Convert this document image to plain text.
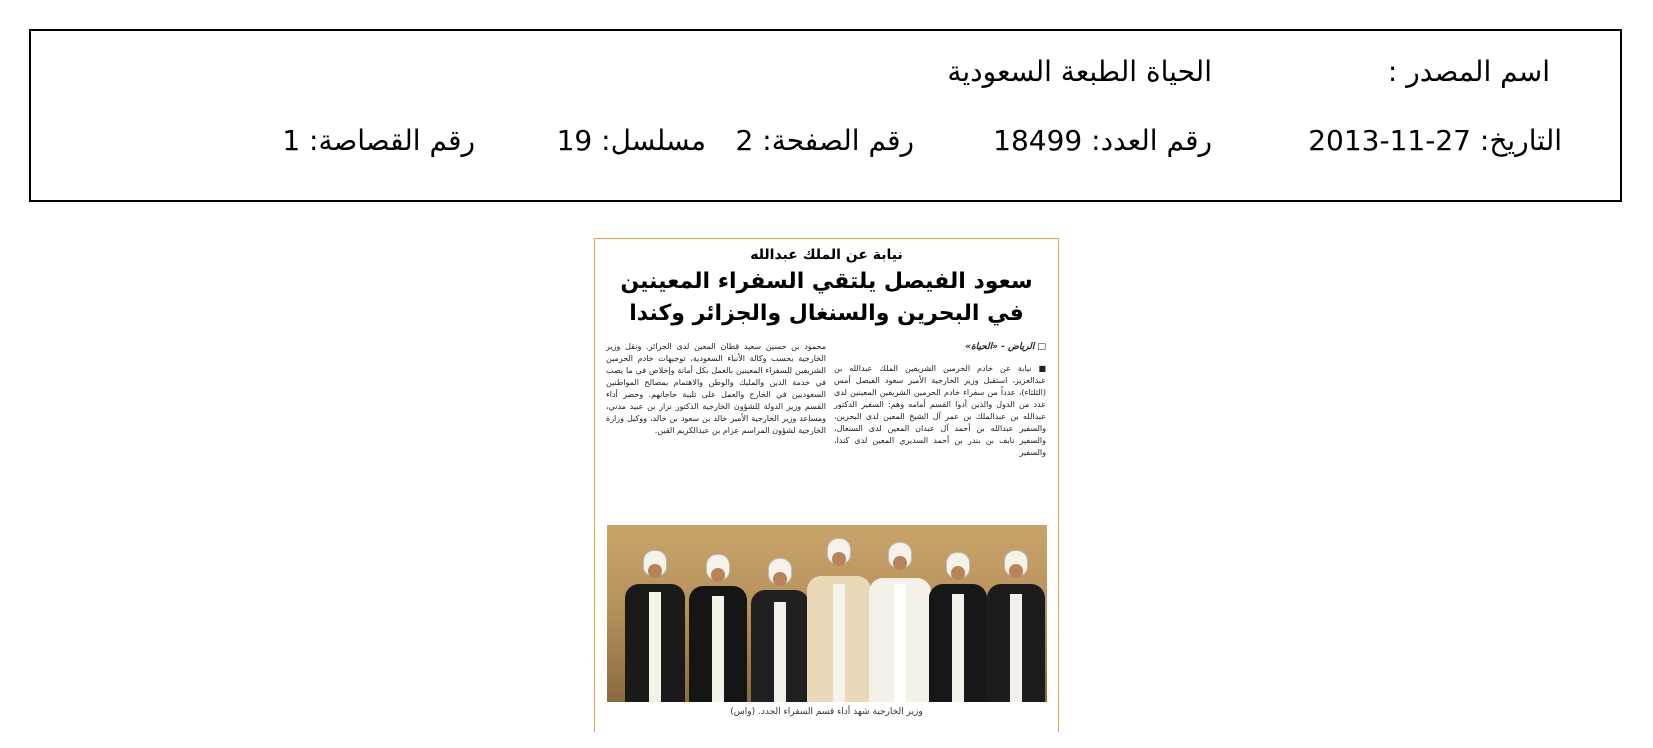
اسم المصدر :
الحياة الطبعة السعودية
التاريخ: 27-11-2013
رقم العدد: 18499
رقم الصفحة: 2
مسلسل: 19
رقم القصاصة: 1
نيابة عن الملك عبدالله
سعود الفيصل يلتقي السفراء المعينين
في البحرين والسنغال والجزائر وكندا
□ الرياض - «الحياة»
■ نيابة عن خادم الحرمين الشريفين الملك عبدالله بن عبدالعزيز، استقبل وزير الخارجية الأمير سعود الفيصل أمس (الثلثاء)، عدداً من سفراء خادم الحرمين الشريفين المعينين لدى عدد من الدول والذين أدوا القسم أمامه وهم: السفير الدكتور عبدالله بن عبدالملك بن عمر آل الشيخ المعين لدى البحرين، والسفير عبدالله بن أحمد آل عبدان المعين لدى السنغال، والسفير نايف بن بندر بن أحمد السديري المعين لدى كندا، والسفير
محمود بن حسين سعيد قطان المعين لدى الجزائر. ونقل وزير الخارجية بحسب وكالة الأنباء السعودية، توجيهات خادم الحرمين الشريفين للسفراء المعينين بالعمل بكل أمانة وإخلاص في ما يصب في خدمة الدين والمليك والوطن والاهتمام بمصالح المواطنين السعوديين في الخارج والعمل على تلبية حاجاتهم. وحضر أداء القسم وزير الدولة للشؤون الخارجية الدكتور نزار بن عبيد مدني، ومساعد وزير الخارجية الأمير خالد بن سعود بن خالد، ووكيل وزارة الخارجية لشؤون المراسم عزام بن عبدالكريم القين.
وزير الخارجية شهد أداء قسم السفراء الجدد. (واس)
